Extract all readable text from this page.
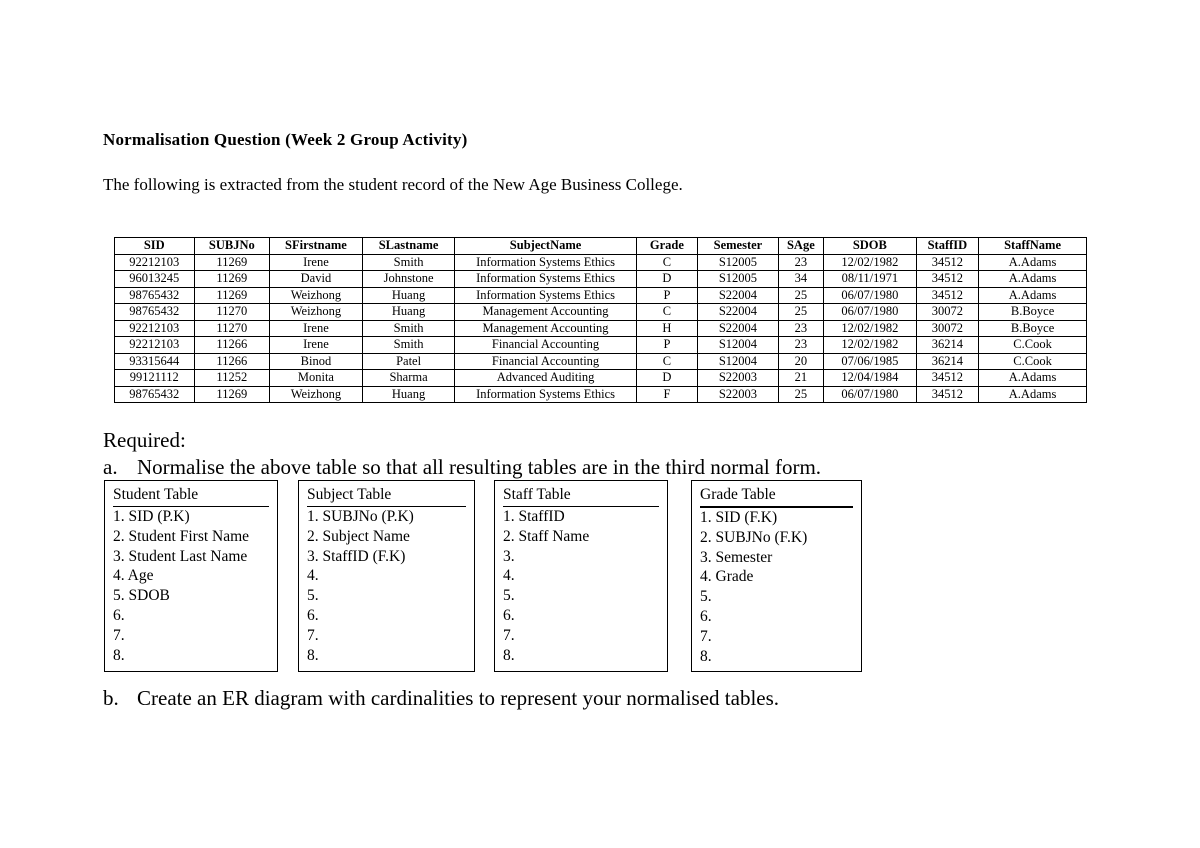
Normalisation Question (Week 2 Group Activity)
The following is extracted from the student record of the New Age Business College.
SID	SUBJNo	SFirstname	SLastname	SubjectName	Grade	Semester	SAge	SDOB	StaffID	StaffName
92212103	11269	Irene	Smith	Information Systems Ethics	C	S12005	23	12/02/1982	34512	A.Adams
96013245	11269	David	Johnstone	Information Systems Ethics	D	S12005	34	08/11/1971	34512	A.Adams
98765432	11269	Weizhong	Huang	Information Systems Ethics	P	S22004	25	06/07/1980	34512	A.Adams
98765432	11270	Weizhong	Huang	Management Accounting	C	S22004	25	06/07/1980	30072	B.Boyce
92212103	11270	Irene	Smith	Management Accounting	H	S22004	23	12/02/1982	30072	B.Boyce
92212103	11266	Irene	Smith	Financial Accounting	P	S12004	23	12/02/1982	36214	C.Cook
93315644	11266	Binod	Patel	Financial Accounting	C	S12004	20	07/06/1985	36214	C.Cook
99121112	11252	Monita	Sharma	Advanced Auditing	D	S22003	21	12/04/1984	34512	A.Adams
98765432	11269	Weizhong	Huang	Information Systems Ethics	F	S22003	25	06/07/1980	34512	A.Adams
Required:
a. Normalise the above table so that all resulting tables are in the third normal form.
Student Table
1. SID (P.K)
2. Student First Name
3. Student Last Name
4. Age
5. SDOB
6.
7.
8.
Subject Table
1. SUBJNo (P.K)
2. Subject Name
3. StaffID (F.K)
4.
5.
6.
7.
8.
Staff Table
1. StaffID
2. Staff Name
3.
4.
5.
6.
7.
8.
Grade Table
1. SID (F.K)
2. SUBJNo (F.K)
3. Semester
4. Grade
5.
6.
7.
8.
b. Create an ER diagram with cardinalities to represent your normalised tables.
